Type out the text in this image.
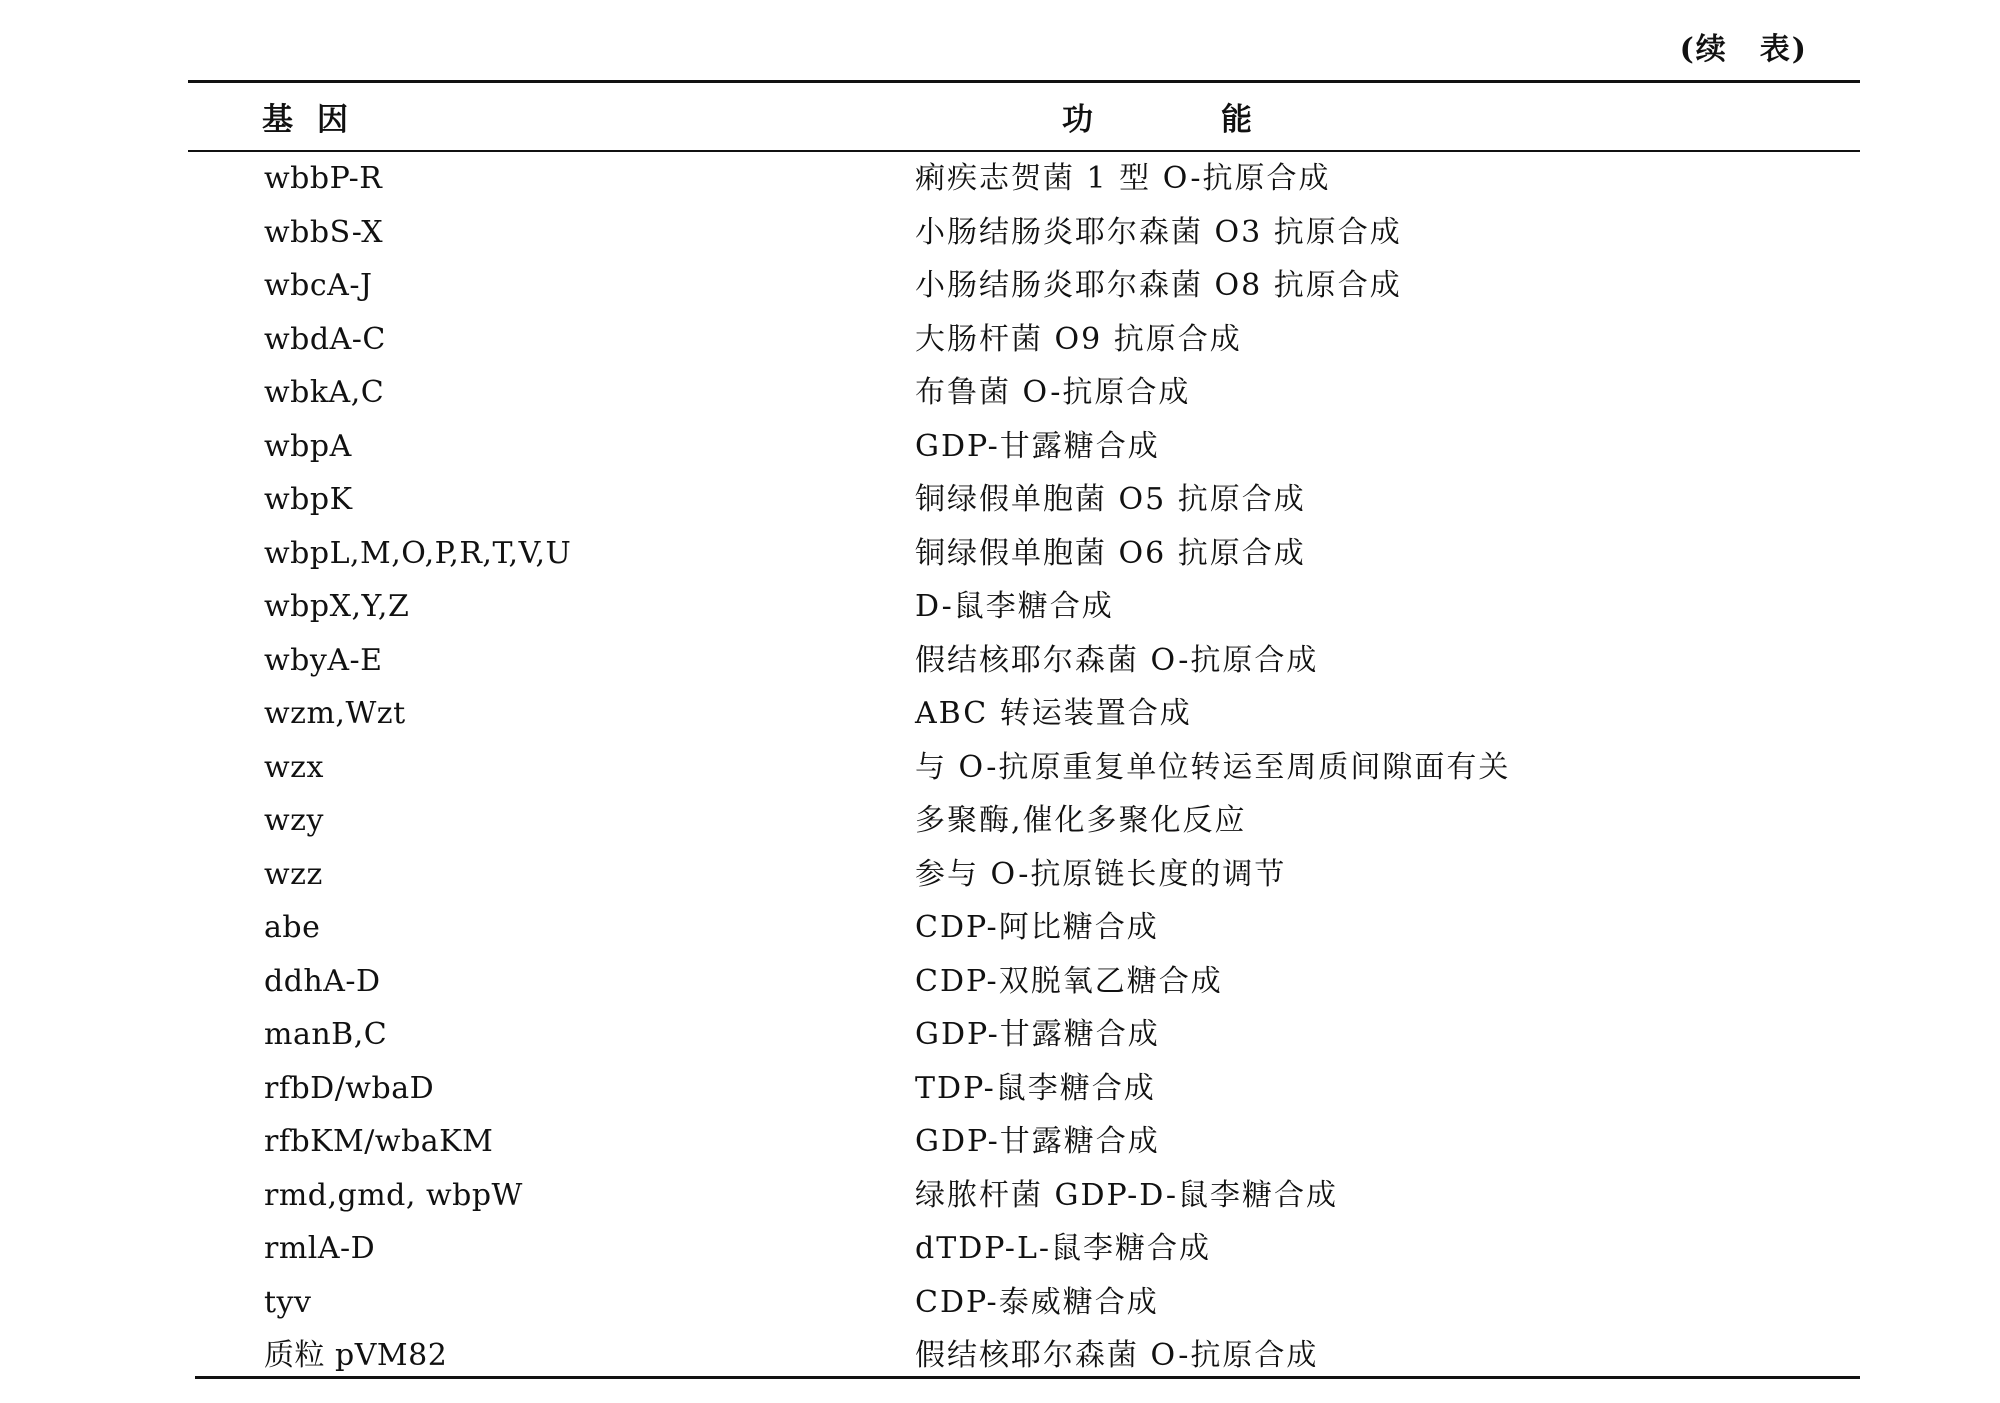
(续　表)
基因	功能
wbbP-R	痢疾志贺菌 1 型 O-抗原合成
wbbS-X	小肠结肠炎耶尔森菌 O3 抗原合成
wbcA-J	小肠结肠炎耶尔森菌 O8 抗原合成
wbdA-C	大肠杆菌 O9 抗原合成
wbkA,C	布鲁菌 O-抗原合成
wbpA	GDP-甘露糖合成
wbpK	铜绿假单胞菌 O5 抗原合成
wbpL,M,O,P,R,T,V,U	铜绿假单胞菌 O6 抗原合成
wbpX,Y,Z	D-鼠李糖合成
wbyA-E	假结核耶尔森菌 O-抗原合成
wzm,Wzt	ABC 转运装置合成
wzx	与 O-抗原重复单位转运至周质间隙面有关
wzy	多聚酶,催化多聚化反应
wzz	参与 O-抗原链长度的调节
abe	CDP-阿比糖合成
ddhA-D	CDP-双脱氧乙糖合成
manB,C	GDP-甘露糖合成
rfbD/wbaD	TDP-鼠李糖合成
rfbKM/wbaKM	GDP-甘露糖合成
rmd,gmd, wbpW	绿脓杆菌 GDP-D-鼠李糖合成
rmlA-D	dTDP-L-鼠李糖合成
tyv	CDP-泰威糖合成
质粒 pVM82	假结核耶尔森菌 O-抗原合成
